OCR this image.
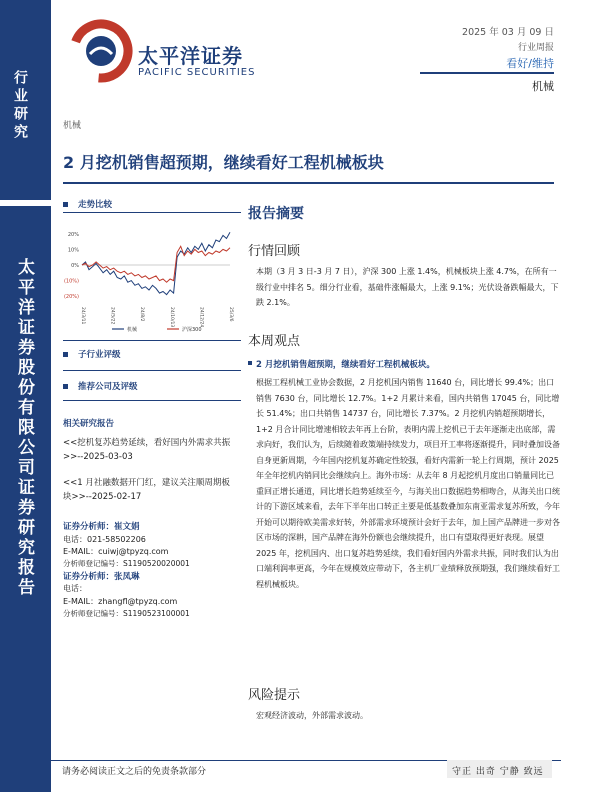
行业研究
太平洋证券股份有限公司证券研究报告
太平洋证券
PACIFIC SECURITIES
2025 年 03 月 09 日
行业周报
看好/维持
机械
机械
2 月挖机销售超预期，继续看好工程机械板块
走势比较
20%
10%
0%
(10%)
(20%)
24/3/11	24/5/22	24/8/2	24/10/13	24/12/24	25/3/6
机械	沪深300
子行业评级
推荐公司及评级
相关研究报告
<<挖机复苏趋势延续，看好国内外需求共振>>--2025-03-03
<<1 月社融数据开门红，建议关注顺周期板块>>--2025-02-17
证券分析师：崔文娟
电话：021-58502206
E-MAIL：cuiwj@tpyzq.com
分析师登记编号：S1190520020001
证券分析师：张凤琳
电话：
E-MAIL：zhangfl@tpyzq.com
分析师登记编号：S1190523100001
报告摘要
行情回顾
本期（3 月 3 日-3 月 7 日），沪深 300 上涨 1.4%，机械板块上涨 4.7%，在所有一级行业中排名 5。细分行业看，基础件涨幅最大，上涨 9.1%；光伏设备跌幅最大，下跌 2.1%。
本周观点
2 月挖机销售超预期，继续看好工程机械板块。
根据工程机械工业协会数据，2 月挖机国内销售 11640 台，同比增长 99.4%；出口销售 7630 台，同比增长 12.7%。1+2 月累计来看，国内共销售 17045 台，同比增长 51.4%；出口共销售 14737 台，同比增长 7.37%。2 月挖机内销超预期增长，1+2 月合计同比增速相较去年再上台阶，表明内需上挖机已于去年逐渐走出底部，需求向好，我们认为，后续随着政策端持续发力，项目开工率将逐渐提升，同时叠加设备自身更新周期，今年国内挖机复苏确定性较强，看好内需新一轮上行周期，预计 2025 年全年挖机内销同比会继续向上。海外市场：从去年 8 月起挖机月度出口销量同比已重回正增长通道，同比增长趋势延续至今，与海关出口数据趋势相吻合，从海关出口统计的下游区域来看，去年下半年出口转正主要是低基数叠加东南亚需求复苏所致，今年开始可以期待欧美需求好转，外部需求环境预计会好于去年，加上国产品牌进一步对各区市场的深耕，国产品牌在海外份额也会继续提升，出口有望取得更好表现。展望 2025 年，挖机国内、出口复苏趋势延续，我们看好国内外需求共振，同时我们认为出口端利润率更高，今年在规模效应带动下，各主机厂业绩释放预期强，我们继续看好工程机械板块。
风险提示
宏观经济波动，外部需求波动。
请务必阅读正文之后的免责条款部分	守正 出奇 宁静 致远
